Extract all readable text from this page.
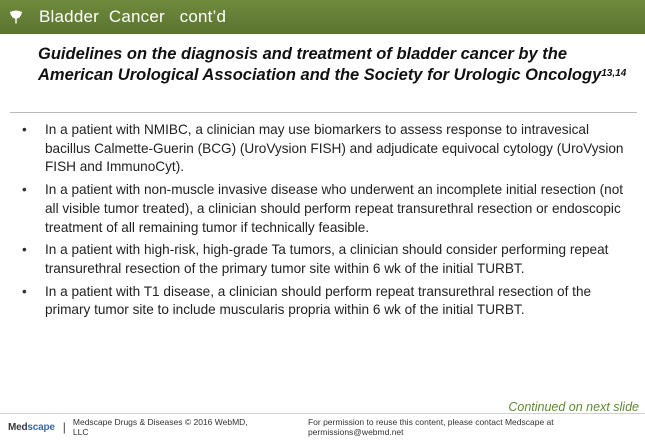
Bladder  Cancer   cont’d
Guidelines on the diagnosis and treatment of bladder cancer by the American Urological Association and the Society for Urologic Oncology$^{13,14}$
• In a patient with NMIBC, a clinician may use biomarkers to assess response to intravesical bacillus Calmette-Guerin (BCG) (UroVysion FISH) and adjudicate equivocal cytology (UroVysion FISH and ImmunoCyt).
• In a patient with non-muscle invasive disease who underwent an incomplete initial resection (not all visible tumor treated), a clinician should perform repeat transurethral resection or endoscopic treatment of all remaining tumor if technically feasible.
• In a patient with high-risk, high-grade Ta tumors, a clinician should consider performing repeat transurethral resection of the primary tumor site within 6 wk of the initial TURBT.
• In a patient with T1 disease, a clinician should perform repeat transurethral resection of the primary tumor site to include muscularis propria within 6 wk of the initial TURBT.
Continued on next slide
Medscape | Medscape Drugs & Diseases © 2016 WebMD, LLC
For permission to reuse this content, please contact Medscape at permissions@webmd.net
